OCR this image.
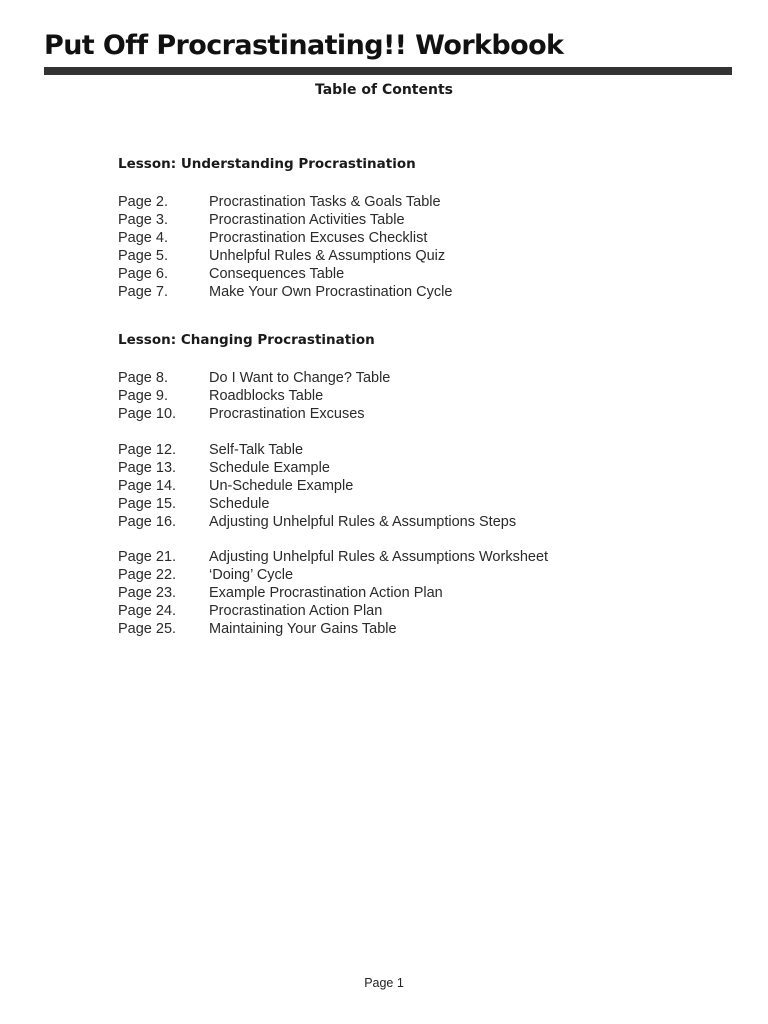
Put Off Procrastinating!! Workbook
Table of Contents
Lesson: Understanding Procrastination
Page 2.	Procrastination Tasks & Goals Table
Page 3.	Procrastination Activities Table
Page 4.	Procrastination Excuses Checklist
Page 5.	Unhelpful Rules & Assumptions Quiz
Page 6.	Consequences Table
Page 7.	Make Your Own Procrastination Cycle
Lesson: Changing Procrastination
Page 8.	Do I Want to Change? Table
Page 9.	Roadblocks Table
Page 10. Procrastination Excuses
Page 12. Self-Talk Table
Page 13. Schedule Example
Page 14. Un-Schedule Example
Page 15. Schedule
Page 16. Adjusting Unhelpful Rules & Assumptions Steps
Page 21. Adjusting Unhelpful Rules & Assumptions Worksheet
Page 22. ‘Doing’ Cycle
Page 23. Example Procrastination Action Plan
Page 24. Procrastination Action Plan
Page 25. Maintaining Your Gains Table
Page 1
